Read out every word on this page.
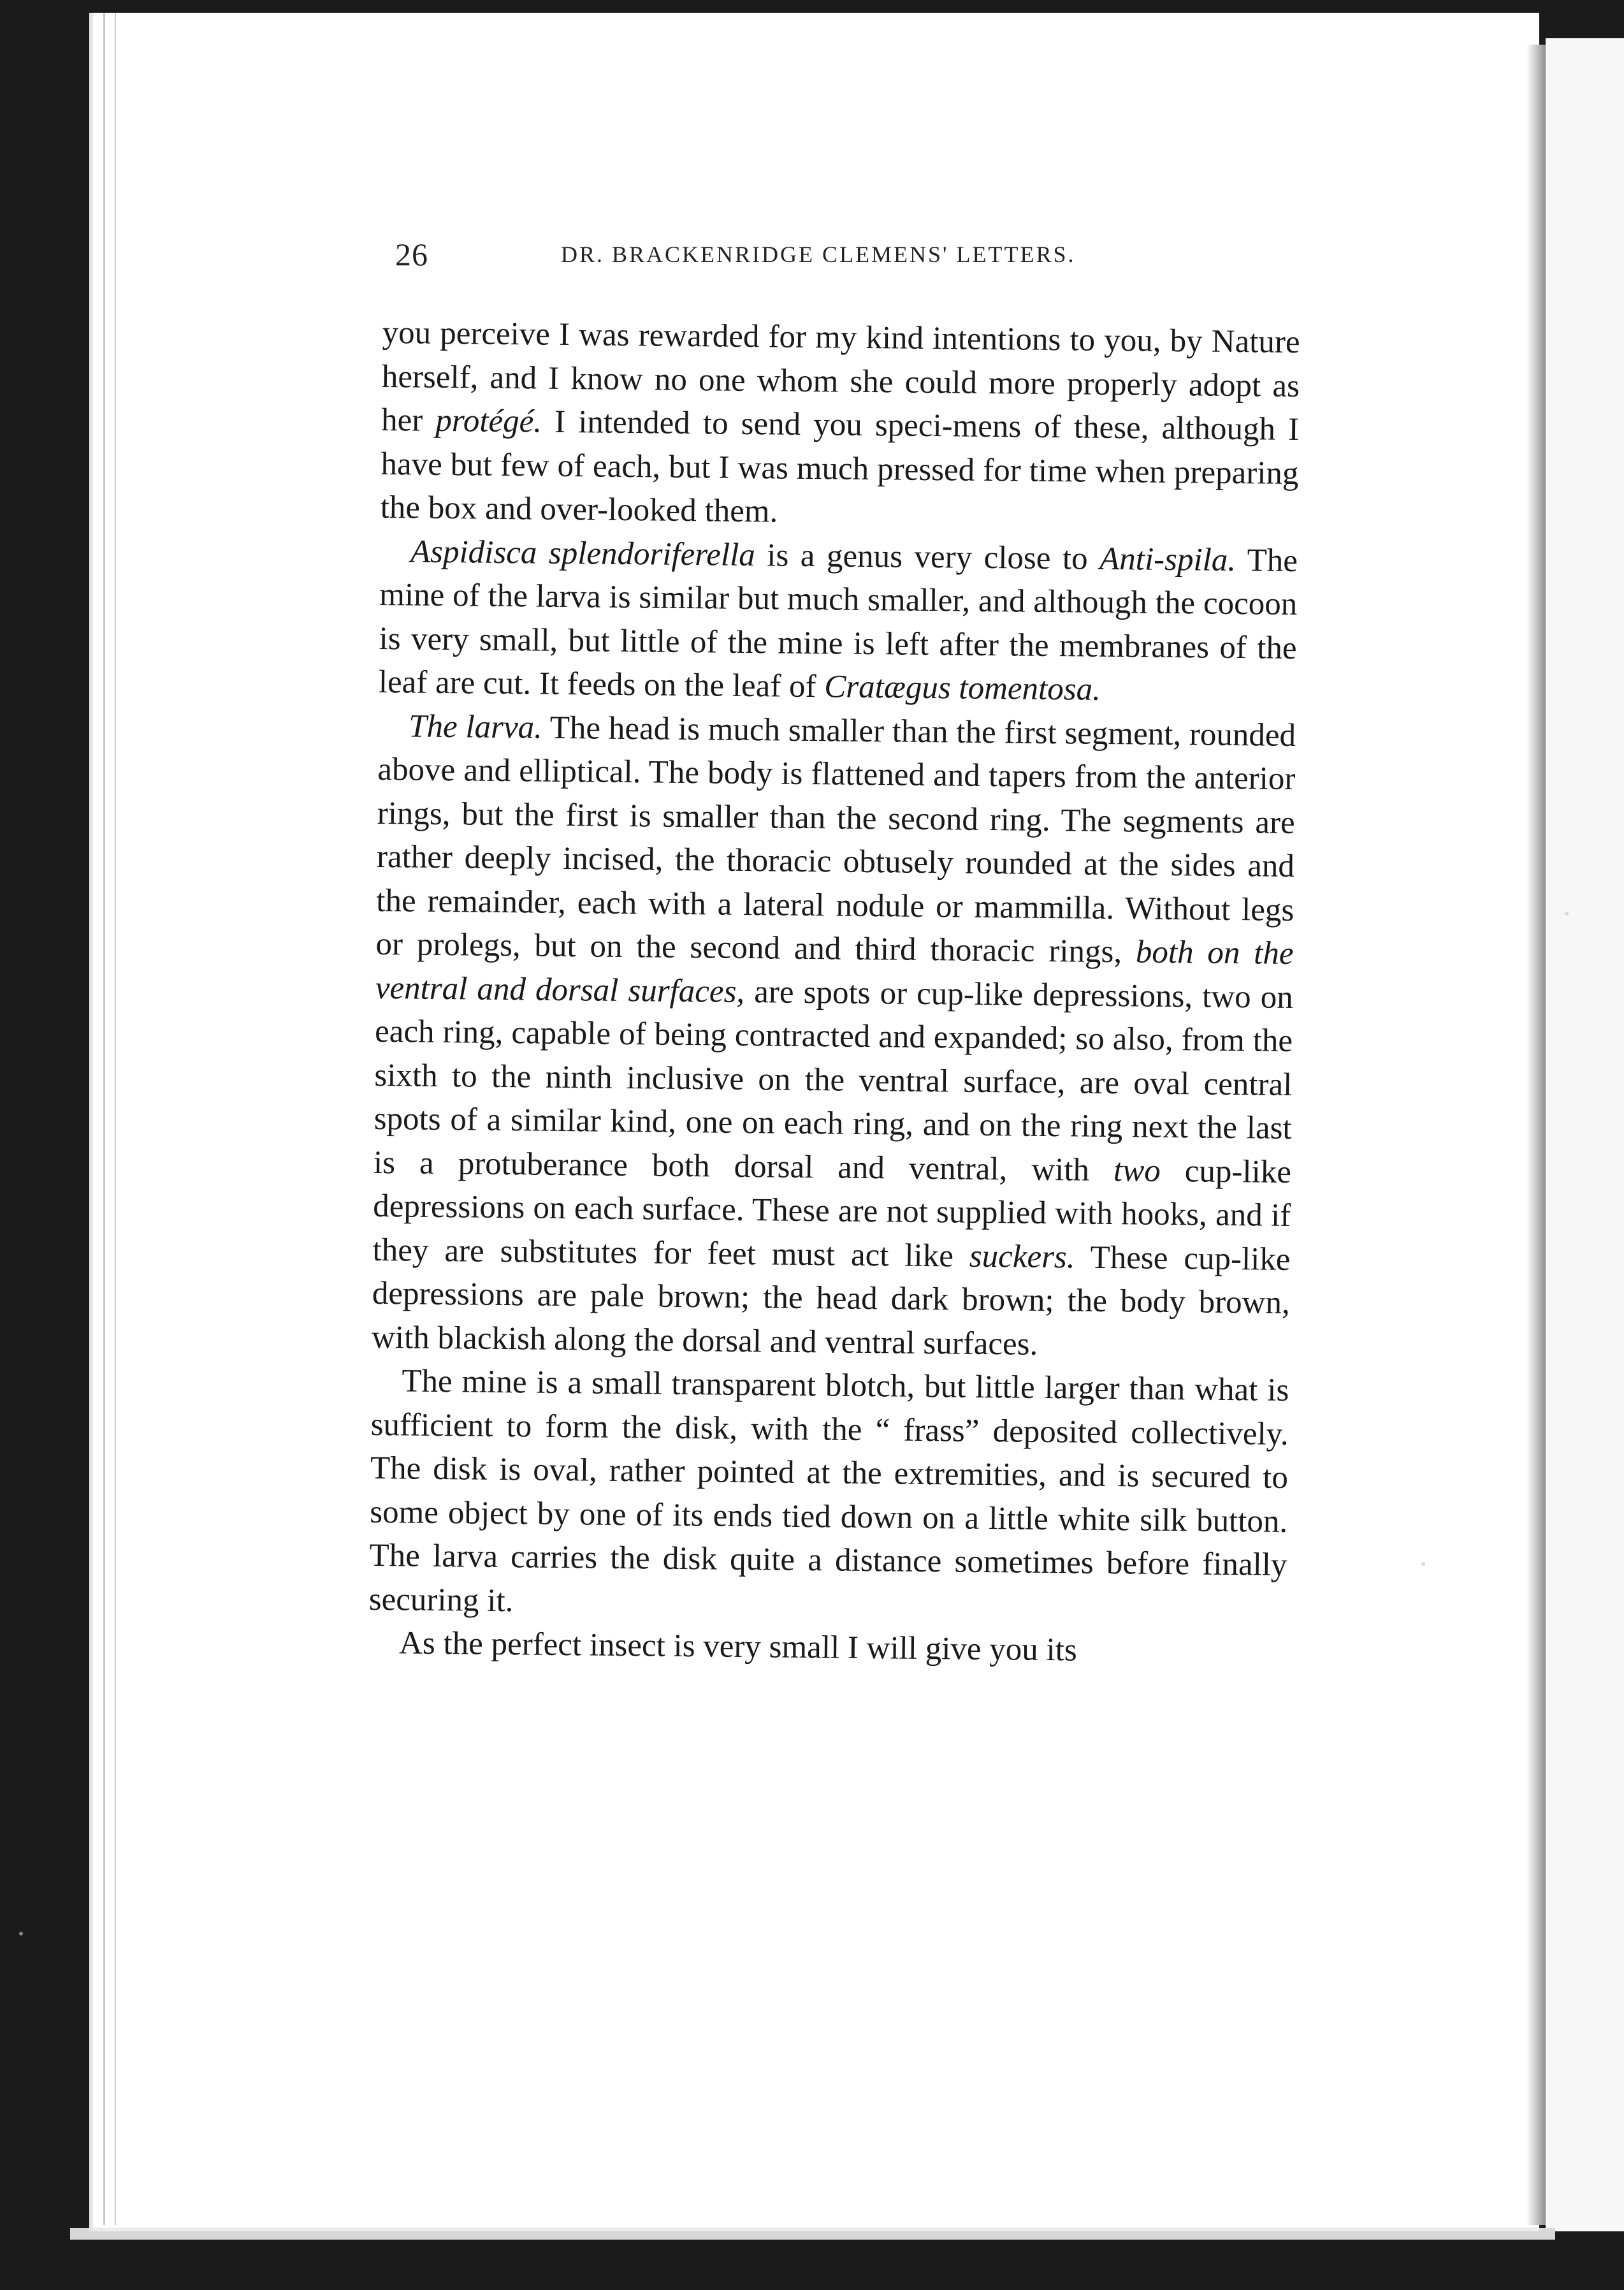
26	DR. BRACKENRIDGE CLEMENS' LETTERS.

you perceive I was rewarded for my kind intentions to you, by Nature herself, and I know no one whom she could more properly adopt as her protégé. I intended to send you speci-mens of these, although I have but few of each, but I was much pressed for time when preparing the box and over-looked them.

Aspidisca splendoriferella is a genus very close to Anti-spila. The mine of the larva is similar but much smaller, and although the cocoon is very small, but little of the mine is left after the membranes of the leaf are cut. It feeds on the leaf of Cratægus tomentosa.

The larva. The head is much smaller than the first segment, rounded above and elliptical. The body is flattened and tapers from the anterior rings, but the first is smaller than the second ring. The segments are rather deeply incised, the thoracic obtusely rounded at the sides and the remainder, each with a lateral nodule or mammilla. Without legs or prolegs, but on the second and third thoracic rings, both on the ventral and dorsal surfaces, are spots or cup-like depressions, two on each ring, capable of being contracted and expanded; so also, from the sixth to the ninth inclusive on the ventral surface, are oval central spots of a similar kind, one on each ring, and on the ring next the last is a protuberance both dorsal and ventral, with two cup-like depressions on each surface. These are not supplied with hooks, and if they are substitutes for feet must act like suckers. These cup-like depressions are pale brown; the head dark brown; the body brown, with blackish along the dorsal and ventral surfaces.

The mine is a small transparent blotch, but little larger than what is sufficient to form the disk, with the “ frass” deposited collectively. The disk is oval, rather pointed at the extremities, and is secured to some object by one of its ends tied down on a little white silk button. The larva carries the disk quite a distance sometimes before finally securing it.

As the perfect insect is very small I will give you its
